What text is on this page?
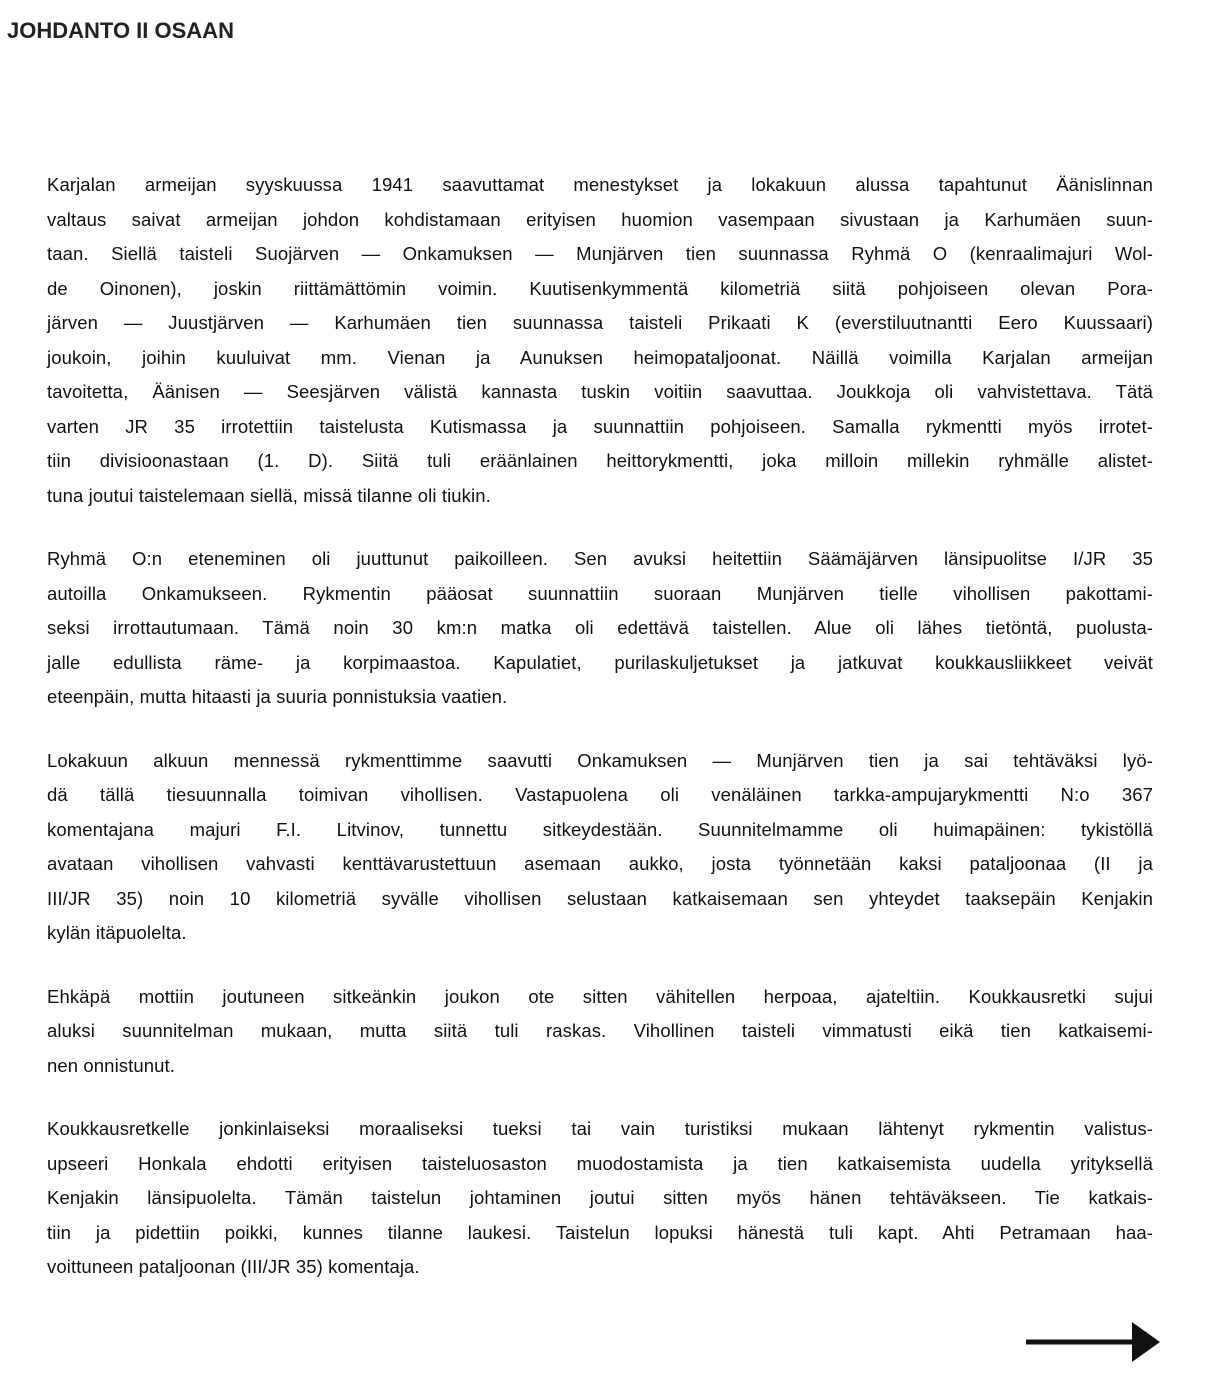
JOHDANTO II OSAAN
Karjalan armeijan syyskuussa 1941 saavuttamat menestykset ja lokakuun alussa tapahtunut Äänislinnan
valtaus saivat armeijan johdon kohdistamaan erityisen huomion vasempaan sivustaan ja Karhumäen suun-
taan. Siellä taisteli Suojärven — Onkamuksen — Munjärven tien suunnassa Ryhmä O (kenraalimajuri Wol-
de Oinonen), joskin riittämättömin voimin. Kuutisenkymmentä kilometriä siitä pohjoiseen olevan Pora-
järven — Juustjärven — Karhumäen tien suunnassa taisteli Prikaati K (everstiluutnantti Eero Kuussaari)
joukoin, joihin kuuluivat mm. Vienan ja Aunuksen heimopataljoonat. Näillä voimilla Karjalan armeijan
tavoitetta, Äänisen — Seesjärven välistä kannasta tuskin voitiin saavuttaa. Joukkoja oli vahvistettava. Tätä
varten JR 35 irrotettiin taistelusta Kutismassa ja suunnattiin pohjoiseen. Samalla rykmentti myös irrotet-
tiin divisioonastaan (1. D). Siitä tuli eräänlainen heittorykmentti, joka milloin millekin ryhmälle alistet-
tuna joutui taistelemaan siellä, missä tilanne oli tiukin.
Ryhmä O:n eteneminen oli juuttunut paikoilleen. Sen avuksi heitettiin Säämäjärven länsipuolitse I/JR 35
autoilla Onkamukseen. Rykmentin pääosat suunnattiin suoraan Munjärven tielle vihollisen pakottami-
seksi irrottautumaan. Tämä noin 30 km:n matka oli edettävä taistellen. Alue oli lähes tietöntä, puolusta-
jalle edullista räme- ja korpimaastoa. Kapulatiet, purilaskuljetukset ja jatkuvat koukkausliikkeet veivät
eteenpäin, mutta hitaasti ja suuria ponnistuksia vaatien.
Lokakuun alkuun mennessä rykmenttimme saavutti Onkamuksen — Munjärven tien ja sai tehtäväksi lyö-
dä tällä tiesuunnalla toimivan vihollisen. Vastapuolena oli venäläinen tarkka-ampujarykmentti N:o 367
komentajana majuri F.I. Litvinov, tunnettu sitkeydestään. Suunnitelmamme oli huimapäinen: tykistöllä
avataan vihollisen vahvasti kenttävarustettuun asemaan aukko, josta työnnetään kaksi pataljoonaa (II ja
III/JR 35) noin 10 kilometriä syvälle vihollisen selustaan katkaisemaan sen yhteydet taaksepäin Kenjakin
kylän itäpuolelta.
Ehkäpä mottiin joutuneen sitkeänkin joukon ote sitten vähitellen herpoaa, ajateltiin. Koukkausretki sujui
aluksi suunnitelman mukaan, mutta siitä tuli raskas. Vihollinen taisteli vimmatusti eikä tien katkaisemi-
nen onnistunut.
Koukkausretkelle jonkinlaiseksi moraaliseksi tueksi tai vain turistiksi mukaan lähtenyt rykmentin valistus-
upseeri Honkala ehdotti erityisen taisteluosaston muodostamista ja tien katkaisemista uudella yrityksellä
Kenjakin länsipuolelta. Tämän taistelun johtaminen joutui sitten myös hänen tehtäväkseen. Tie katkais-
tiin ja pidettiin poikki, kunnes tilanne laukesi. Taistelun lopuksi hänestä tuli kapt. Ahti Petramaan haa-
voittuneen pataljoonan (III/JR 35) komentaja.
